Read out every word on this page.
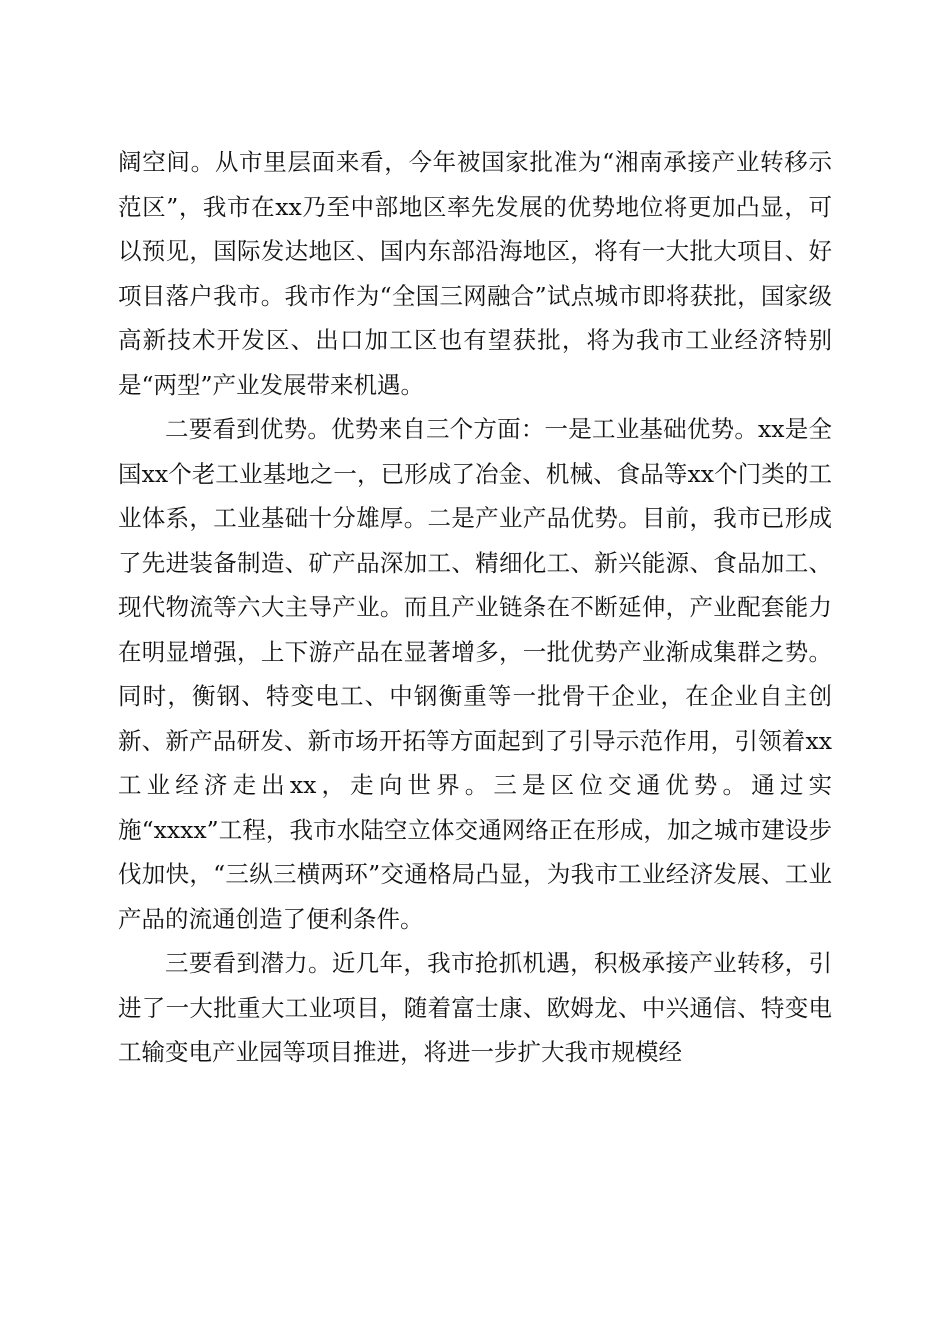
阔空间。从市里层面来看，今年被国家批准为“湘南承接产业转移示范区”，我市在xx乃至中部地区率先发展的优势地位将更加凸显，可以预见，国际发达地区、国内东部沿海地区，将有一大批大项目、好项目落户我市。我市作为“全国三网融合”试点城市即将获批，国家级高新技术开发区、出口加工区也有望获批，将为我市工业经济特别是“两型”产业发展带来机遇。

二要看到优势。优势来自三个方面：一是工业基础优势。xx是全国xx个老工业基地之一，已形成了冶金、机械、食品等xx个门类的工业体系，工业基础十分雄厚。二是产业产品优势。目前，我市已形成了先进装备制造、矿产品深加工、精细化工、新兴能源、食品加工、现代物流等六大主导产业。而且产业链条在不断延伸，产业配套能力在明显增强，上下游产品在显著增多，一批优势产业渐成集群之势。同时，衡钢、特变电工、中钢衡重等一批骨干企业，在企业自主创新、新产品研发、新市场开拓等方面起到了引导示范作用，引领着xx工业经济走出xx，走向世界。三是区位交通优势。通过实施“xxxx”工程，我市水陆空立体交通网络正在形成，加之城市建设步伐加快，“三纵三横两环”交通格局凸显，为我市工业经济发展、工业产品的流通创造了便利条件。

三要看到潜力。近几年，我市抢抓机遇，积极承接产业转移，引进了一大批重大工业项目，随着富士康、欧姆龙、中兴通信、特变电工输变电产业园等项目推进，将进一步扩大我市规模经
